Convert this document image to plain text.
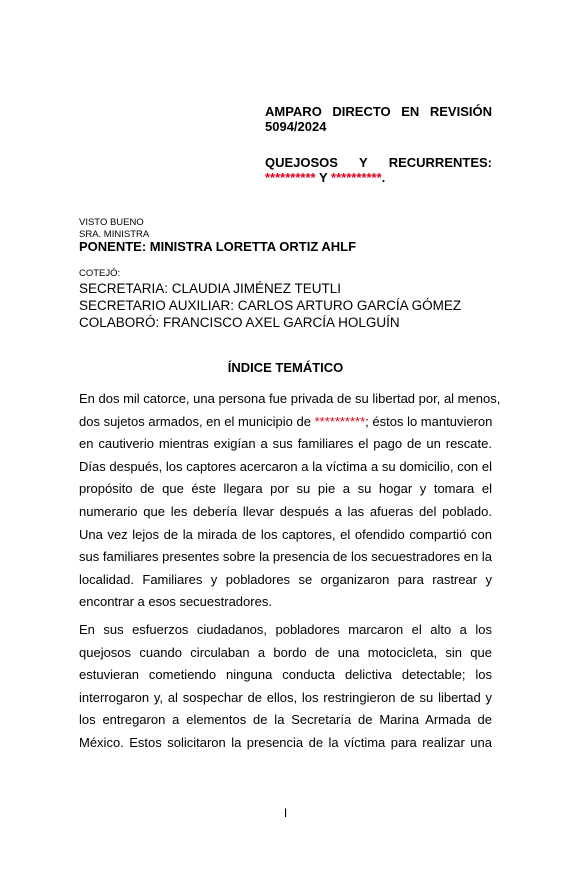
AMPARO DIRECTO EN REVISIÓN
5094/2024
QUEJOSOS Y RECURRENTES:
********** Y **********.
VISTO BUENO
SRA. MINISTRA
PONENTE: MINISTRA LORETTA ORTIZ AHLF
COTEJÓ:
SECRETARIA: CLAUDIA JIMÉNEZ TEUTLI
SECRETARIO AUXILIAR: CARLOS ARTURO GARCÍA GÓMEZ
COLABORÓ: FRANCISCO AXEL GARCÍA HOLGUÍN
ÍNDICE TEMÁTICO
En dos mil catorce, una persona fue privada de su libertad por, al menos,
dos sujetos armados, en el municipio de **********; éstos lo mantuvieron
en cautiverio mientras exigían a sus familiares el pago de un rescate.
Días después, los captores acercaron a la víctima a su domicilio, con el
propósito de que éste llegara por su pie a su hogar y tomara el
numerario que les debería llevar después a las afueras del poblado.
Una vez lejos de la mirada de los captores, el ofendido compartió con
sus familiares presentes sobre la presencia de los secuestradores en la
localidad. Familiares y pobladores se organizaron para rastrear y
encontrar a esos secuestradores.
En sus esfuerzos ciudadanos, pobladores marcaron el alto a los
quejosos cuando circulaban a bordo de una motocicleta, sin que
estuvieran cometiendo ninguna conducta delictiva detectable; los
interrogaron y, al sospechar de ellos, los restringieron de su libertad y
los entregaron a elementos de la Secretaría de Marina Armada de
México. Estos solicitaron la presencia de la víctima para realizar una
I
